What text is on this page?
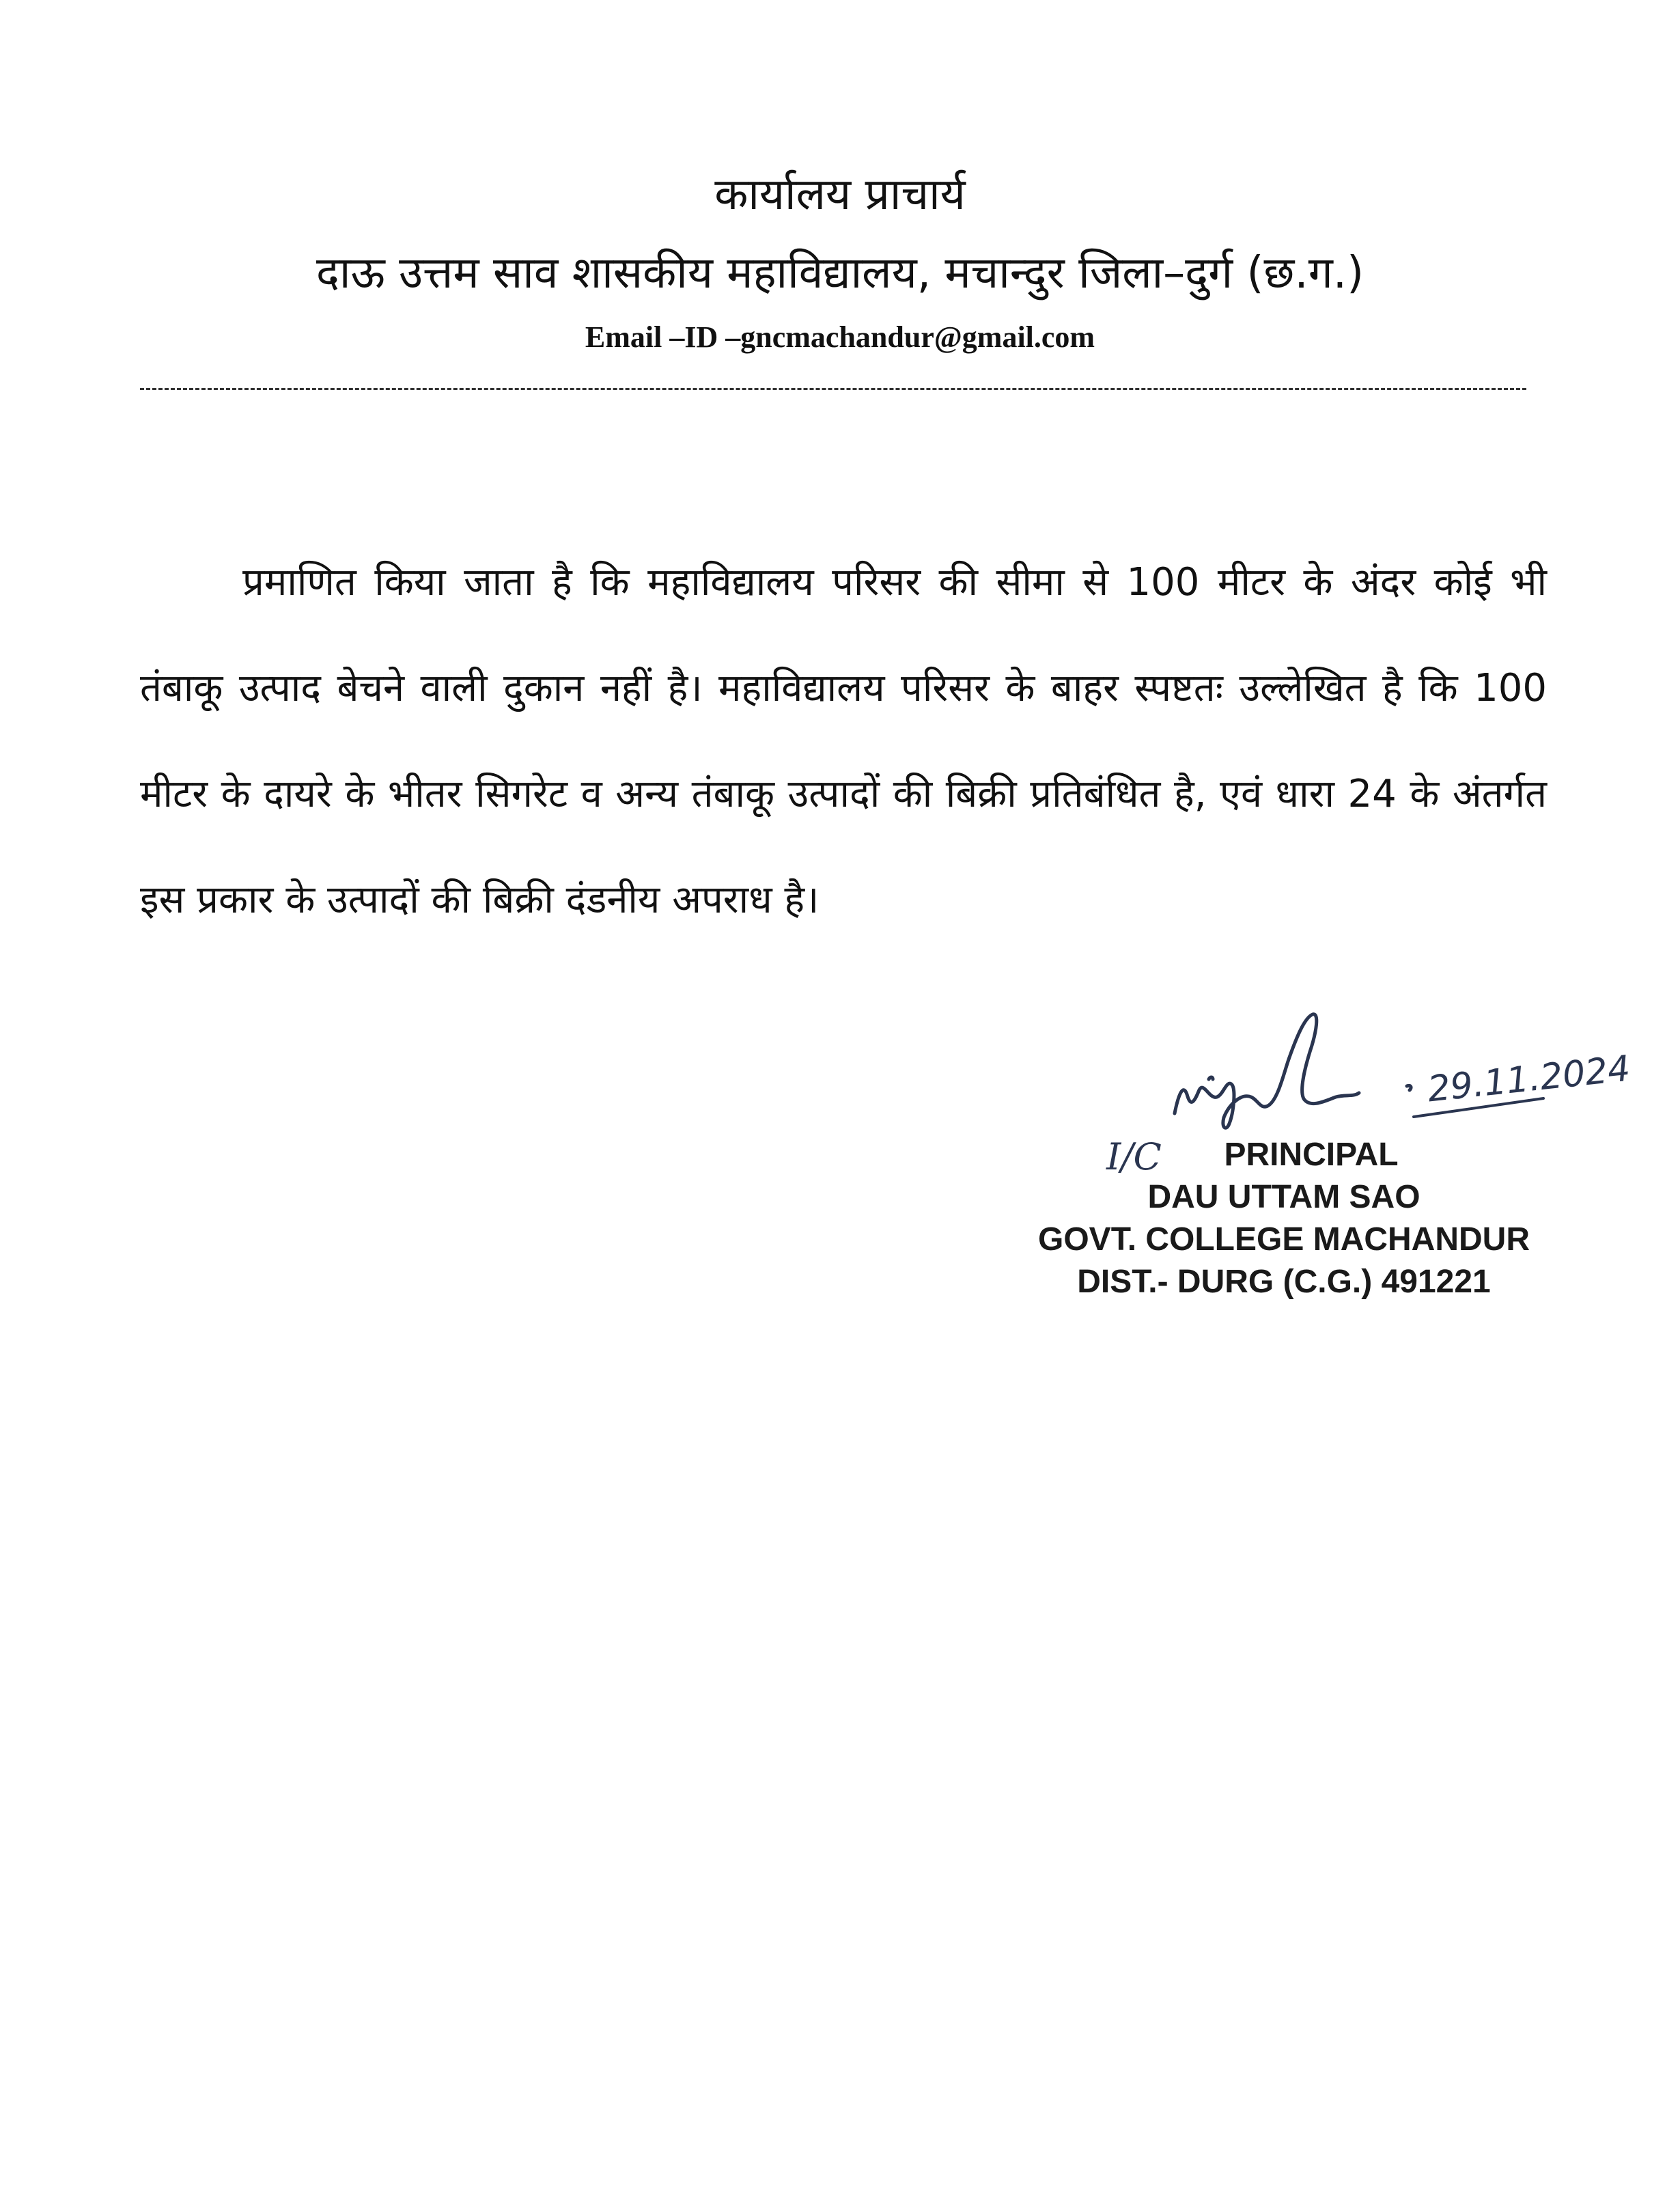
कार्यालय प्राचार्य

दाऊ उत्तम साव शासकीय महाविद्यालय, मचान्दुर जिला–दुर्ग (छ.ग.)

Email –ID –gncmachandur@gmail.com

प्रमाणित किया जाता है कि महाविद्यालय परिसर की सीमा से 100 मीटर के अंदर कोई भी तंबाकू उत्पाद बेचने वाली दुकान नहीं है। महाविद्यालय परिसर के बाहर स्पष्टतः उल्लेखित है कि 100 मीटर के दायरे के भीतर सिगरेट व अन्य तंबाकू उत्पादों की बिक्री प्रतिबंधित है, एवं धारा 24 के अंतर्गत इस प्रकार के उत्पादों की बिक्री दंडनीय अपराध है।

29.11.2024
I/C	PRINCIPAL
DAU UTTAM SAO
GOVT. COLLEGE MACHANDUR
DIST.- DURG (C.G.) 491221
